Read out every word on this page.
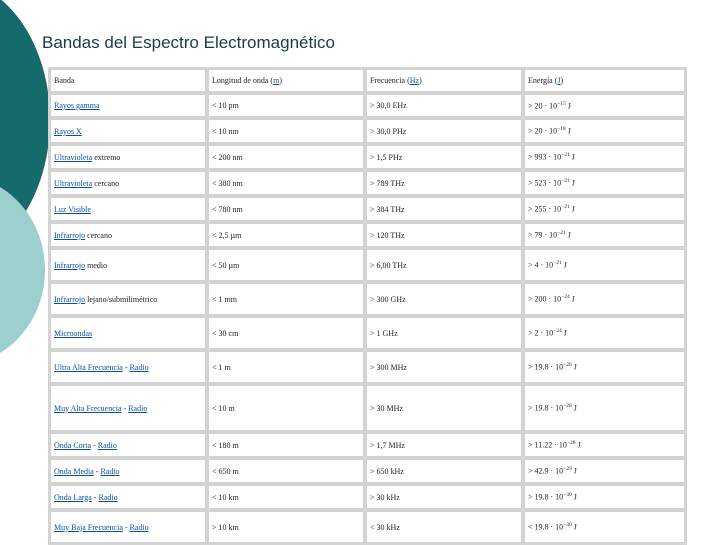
Bandas del Espectro Electromagnético
Banda	Longitud de onda (m)	Frecuencia (Hz)	Energía (J)
Rayos gamma	< 10 pm	> 30,0 EHz	> $20 \cdot 10^{-15}$ J
Rayos X	< 10 nm	> 30,0 PHz	> $20 \cdot 10^{-18}$ J
Ultravioleta extremo	< 200 nm	> 1,5 PHz	> $993 \cdot 10^{-21}$ J
Ultravioleta cercano	< 380 nm	> 789 THz	> $523 \cdot 10^{-21}$ J
Luz Visible	< 780 nm	> 384 THz	> $255 \cdot 10^{-21}$ J
Infrarrojo cercano	< 2,5 µm	> 120 THz	> $79 \cdot 10^{-21}$ J
Infrarrojo medio	< 50 µm	> 6,00 THz	> $4 \cdot 10^{-21}$ J
Infrarrojo lejano/submilimétrico	< 1 mm	> 300 GHz	> $200 \cdot 10^{-24}$ J
Microondas	< 30 cm	> 1 GHz	> $2 \cdot 10^{-24}$ J
Ultra Alta Frecuencia - Radio	< 1 m	> 300 MHz	> $19.8 \cdot 10^{-26}$ J
Muy Alta Frecuencia - Radio	< 10 m	> 30 MHz	> $19.8 \cdot 10^{-28}$ J
Onda Corta - Radio	< 180 m	> 1,7 MHz	> $11.22 \cdot 10^{-28}$ J
Onda Media - Radio	< 650 m	> 650 kHz	> $42.9 \cdot 10^{-29}$ J
Onda Larga - Radio	< 10 km	> 30 kHz	> $19.8 \cdot 10^{-30}$ J
Muy Baja Frecuencia - Radio	> 10 km	< 30 kHz	< $19.8 \cdot 10^{-30}$ J
